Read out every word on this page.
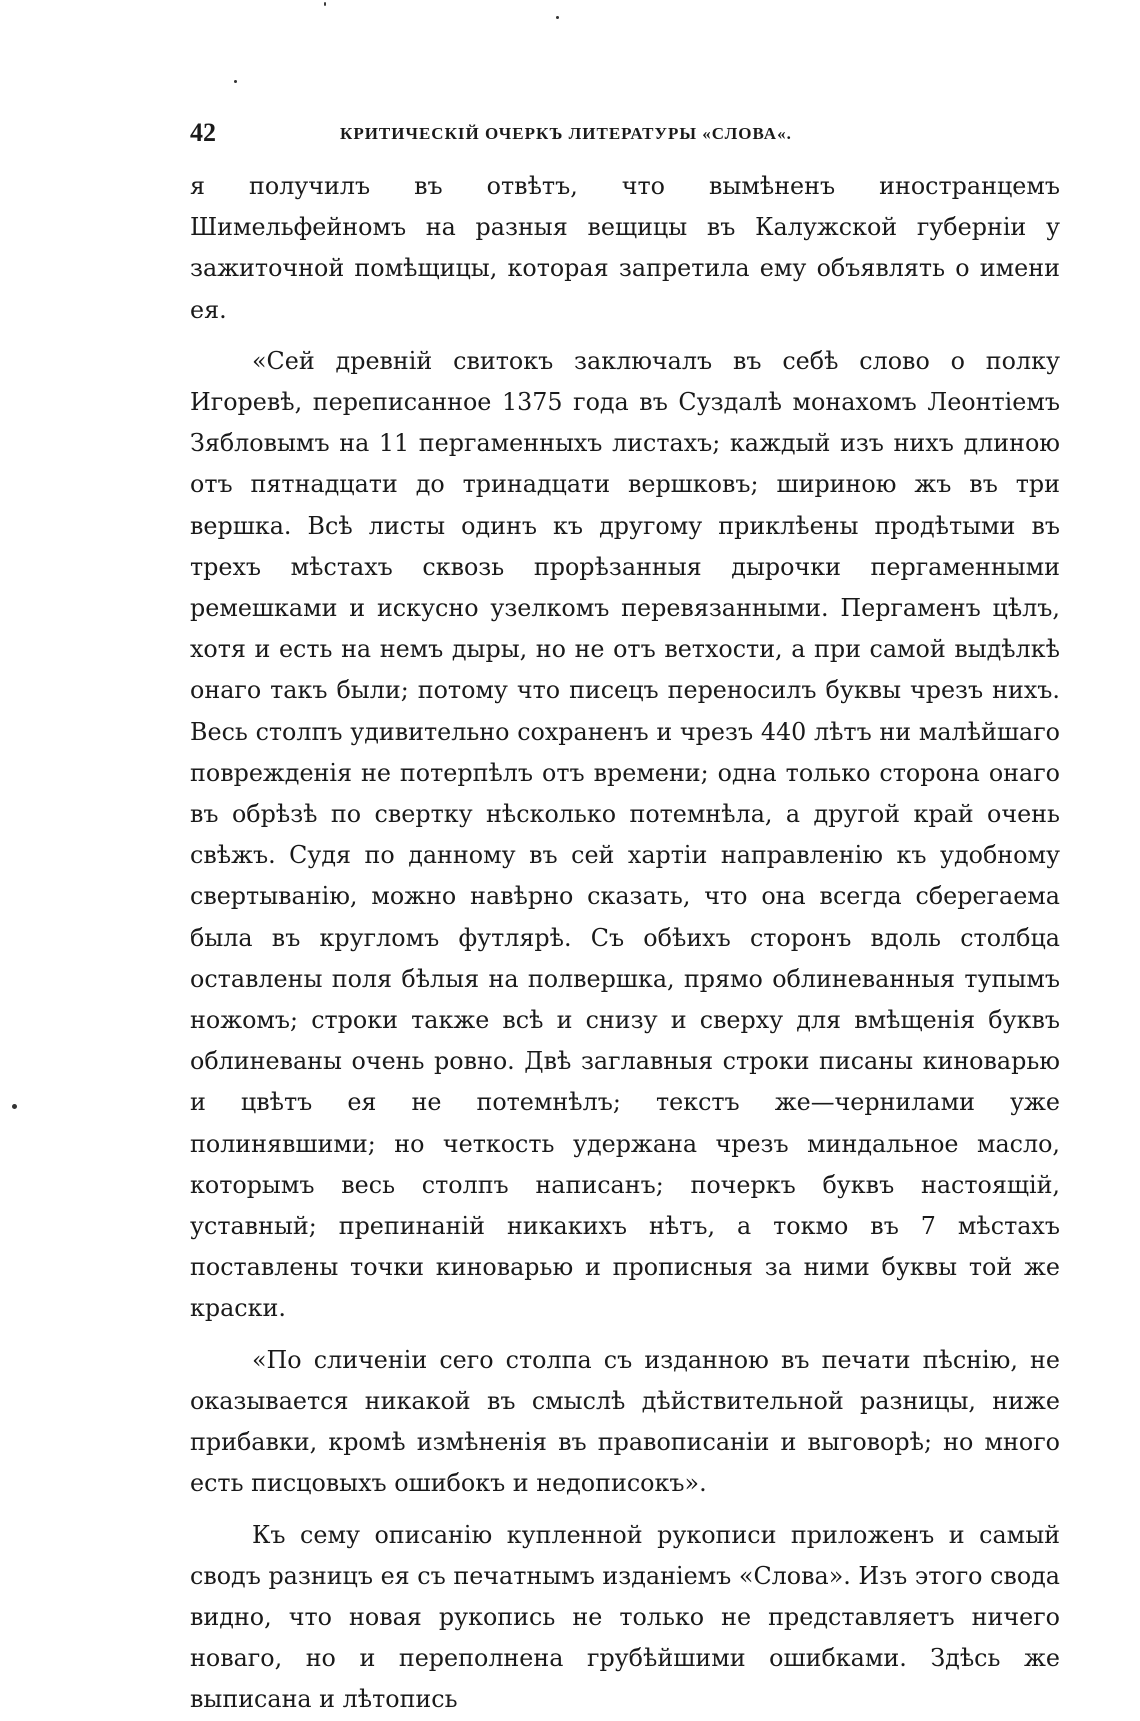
42	КРИТИЧЕСКІЙ ОЧЕРКЪ ЛИТЕРАТУРЫ «СЛОВА«.

я получилъ въ отвѣтъ, что вымѣненъ иностранцемъ Шимельфейномъ на разныя вещицы въ Калужской губерніи у зажиточной помѣщицы, которая запретила ему объявлять о имени ея.

«Сей древній свитокъ заключалъ въ себѣ слово о полку Игоревѣ, переписанное 1375 года въ Суздалѣ монахомъ Леонтіемъ Зябловымъ на 11 пергаменныхъ листахъ; каждый изъ нихъ длиною отъ пятнадцати до тринадцати вершковъ; шириною жъ въ три вершка. Всѣ листы одинъ къ другому приклѣены продѣтыми въ трехъ мѣстахъ сквозь прорѣзанныя дырочки пергаменными ремешками и искусно узелкомъ перевязанными. Пергаменъ цѣлъ, хотя и есть на немъ дыры, но не отъ ветхости, а при самой выдѣлкѣ онаго такъ были; потому что писецъ переносилъ буквы чрезъ нихъ. Весь столпъ удивительно сохраненъ и чрезъ 440 лѣтъ ни малѣйшаго поврежденія не потерпѣлъ отъ времени; одна только сторона онаго въ обрѣзѣ по свертку нѣсколько потемнѣла, а другой край очень свѣжъ. Судя по данному въ сей хартіи направленію къ удобному свертыванію, можно навѣрно сказать, что она всегда сберегаема была въ кругломъ футлярѣ. Съ обѣихъ сторонъ вдоль столбца оставлены поля бѣлыя на полвершка, прямо облиневанныя тупымъ ножомъ; строки также всѣ и снизу и сверху для вмѣщенія буквъ облиневаны очень ровно. Двѣ заглавныя строки писаны киноварью и цвѣтъ ея не потемнѣлъ; текстъ же—чернилами уже полинявшими; но четкость удержана чрезъ миндальное масло, которымъ весь столпъ написанъ; почеркъ буквъ настоящій, уставный; препинаній никакихъ нѣтъ, а токмо въ 7 мѣстахъ поставлены точки киноварью и прописныя за ними буквы той же краски.

«По сличеніи сего столпа съ изданною въ печати пѣснію, не оказывается никакой въ смыслѣ дѣйствительной разницы, ниже прибавки, кромѣ измѣненія въ правописаніи и выговорѣ; но много есть писцовыхъ ошибокъ и недописокъ».

Къ сему описанію купленной рукописи приложенъ и самый сводъ разницъ ея съ печатнымъ изданіемъ «Слова». Изъ этого свода видно, что новая рукопись не только не представляетъ ничего новаго, но и переполнена грубѣйшими ошибками. Здѣсь же выписана и лѣтопись
